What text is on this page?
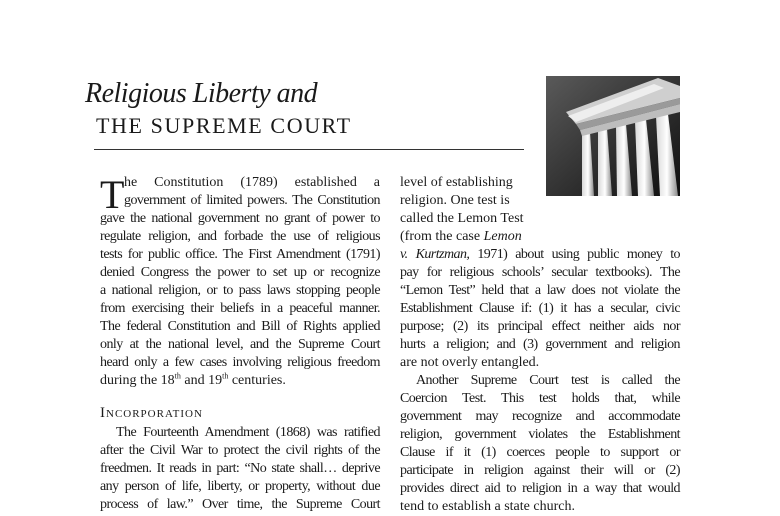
Religious Liberty and
THE SUPREME COURT
T he Constitution (1789) established a
government of limited powers. The Constitution
gave the national government no grant of power to
regulate religion, and forbade the use of religious
tests for public office. The First Amendment (1791)
denied Congress the power to set up or recognize
a national religion, or to pass laws stopping people
from exercising their beliefs in a peaceful manner.
The federal Constitution and Bill of Rights applied
only at the national level, and the Supreme Court
heard only a few cases involving religious freedom
during the 18th and 19th centuries.
Incorporation
The Fourteenth Amendment (1868) was ratified
after the Civil War to protect the civil rights of the
freedmen. It reads in part: “No state shall… deprive
any person of life, liberty, or property, without due
process of law.” Over time, the Supreme Court
level of establishing
religion. One test is
called the Lemon Test
(from the case Lemon
v. Kurtzman, 1971) about using public money to
pay for religious schools’ secular textbooks). The
“Lemon Test” held that a law does not violate the
Establishment Clause if: (1) it has a secular, civic
purpose; (2) its principal effect neither aids nor
hurts a religion; and (3) government and religion
are not overly entangled.
Another Supreme Court test is called the
Coercion Test. This test holds that, while
government may recognize and accommodate
religion, government violates the Establishment
Clause if it (1) coerces people to support or
participate in religion against their will or (2)
provides direct aid to religion in a way that would
tend to establish a state church.
